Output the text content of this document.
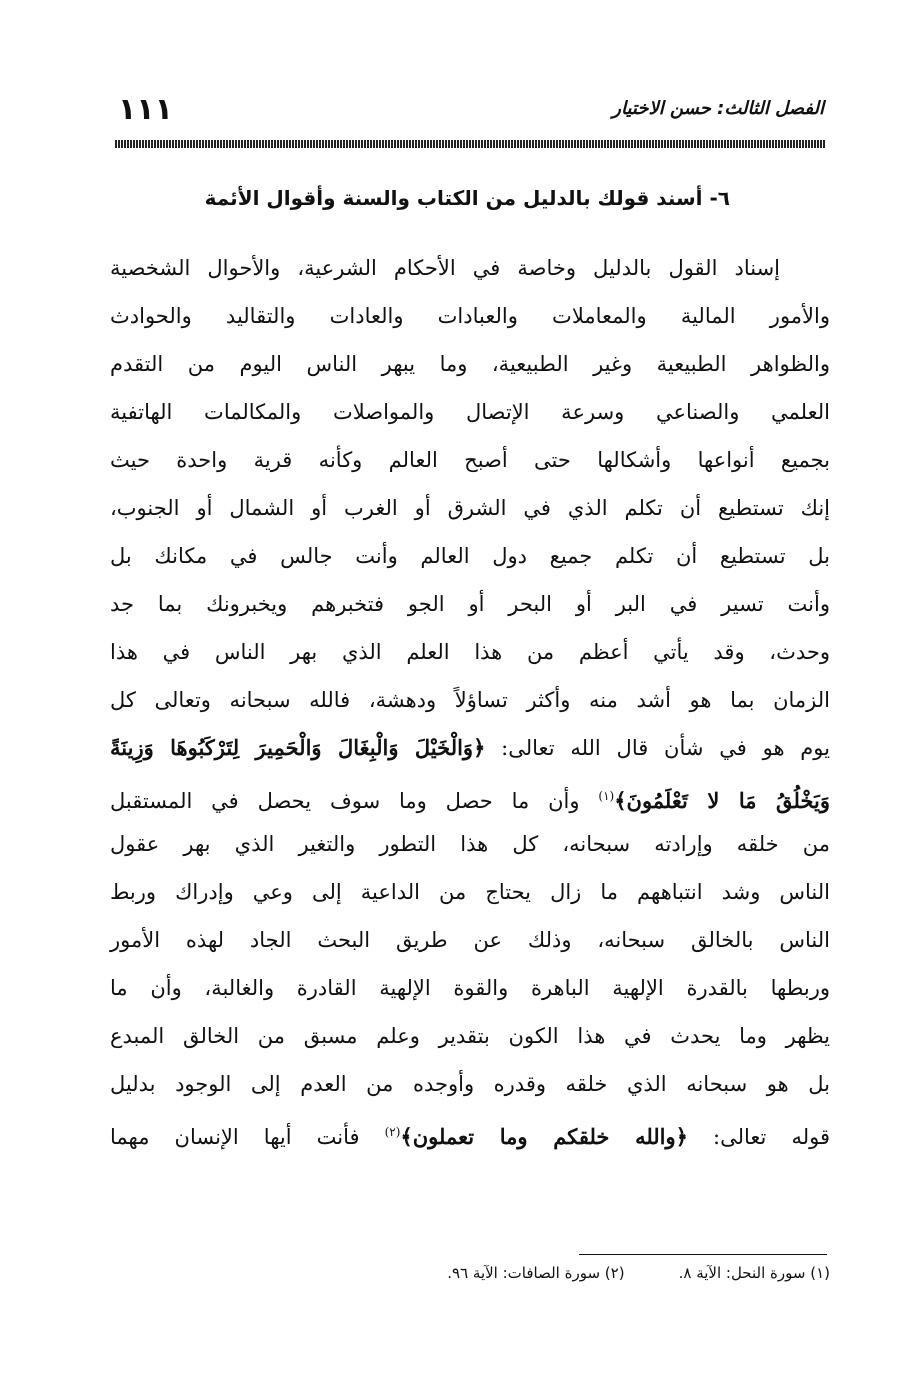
١١١	الفصل الثالث: حسن الاختيار
٦- أسند قولك بالدليل من الكتاب والسنة وأقوال الأئمة
إسناد القول بالدليل وخاصة في الأحكام الشرعية، والأحوال الشخصية
والأمور المالية والمعاملات والعبادات والعادات والتقاليد والحوادث
والظواهر الطبيعية وغير الطبيعية، وما يبهر الناس اليوم من التقدم
العلمي والصناعي وسرعة الإتصال والمواصلات والمكالمات الهاتفية
بجميع أنواعها وأشكالها حتى أصبح العالم وكأنه قرية واحدة حيث
إنك تستطيع أن تكلم الذي في الشرق أو الغرب أو الشمال أو الجنوب،
بل تستطيع أن تكلم جميع دول العالم وأنت جالس في مكانك بل
وأنت تسير في البر أو البحر أو الجو فتخبرهم ويخبرونك بما جد
وحدث، وقد يأتي أعظم من هذا العلم الذي بهر الناس في هذا
الزمان بما هو أشد منه وأكثر تساؤلاً ودهشة، فالله سبحانه وتعالى كل
يوم هو في شأن قال الله تعالى: ﴿وَالْخَيْلَ وَالْبِغَالَ وَالْحَمِيرَ لِتَرْكَبُوهَا وَزِينَةً
وَيَخْلُقُ مَا لا تَعْلَمُونَ﴾$^{(١)}$ وأن ما حصل وما سوف يحصل في المستقبل
من خلقه وإرادته سبحانه، كل هذا التطور والتغير الذي بهر عقول
الناس وشد انتباههم ما زال يحتاج من الداعية إلى وعي وإدراك وربط
الناس بالخالق سبحانه، وذلك عن طريق البحث الجاد لهذه الأمور
وربطها بالقدرة الإلهية الباهرة والقوة الإلهية القادرة والغالبة، وأن ما
يظهر وما يحدث في هذا الكون بتقدير وعلم مسبق من الخالق المبدع
بل هو سبحانه الذي خلقه وقدره وأوجده من العدم إلى الوجود بدليل
قوله تعالى: ﴿والله خلقكم وما تعملون﴾$^{(٢)}$ فأنت أيها الإنسان مهما
(١) سورة النحل: الآية ٨.
(٢) سورة الصافات: الآية ٩٦.
